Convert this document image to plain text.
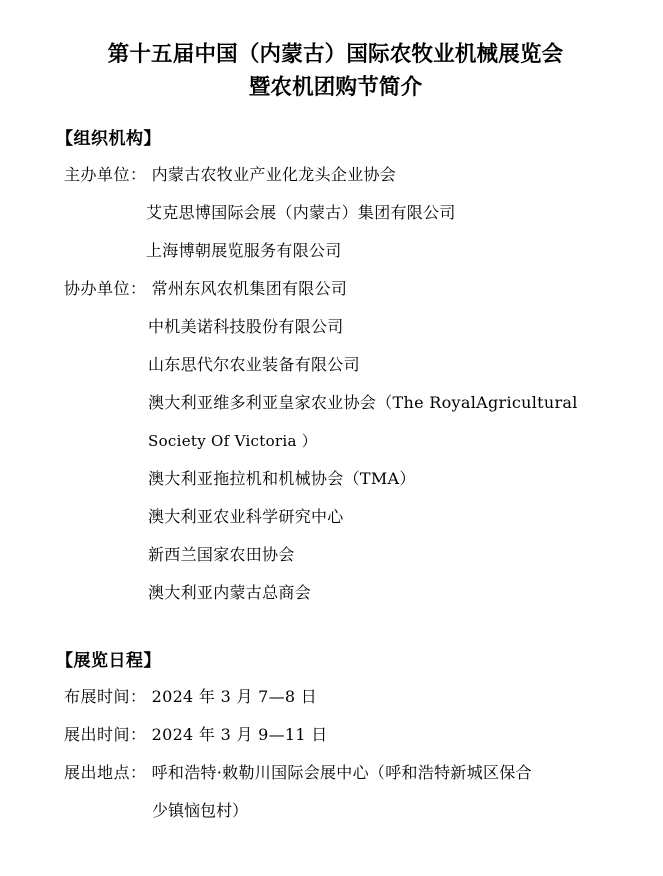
第十五届中国（内蒙古）国际农牧业机械展览会
暨农机团购节简介
【组织机构】
主办单位： 内蒙古农牧业产业化龙头企业协会
艾克思博国际会展（内蒙古）集团有限公司
上海博朝展览服务有限公司
协办单位： 常州东风农机集团有限公司
中机美诺科技股份有限公司
山东思代尔农业装备有限公司
澳大利亚维多利亚皇家农业协会（The RoyalAgricultural
Society Of Victoria ）
澳大利亚拖拉机和机械协会（TMA）
澳大利亚农业科学研究中心
新西兰国家农田协会
澳大利亚内蒙古总商会
【展览日程】
布展时间： 2024 年 3 月 7—8 日
展出时间： 2024 年 3 月 9—11 日
展出地点： 呼和浩特·敕勒川国际会展中心（呼和浩特新城区保合
少镇恼包村）
